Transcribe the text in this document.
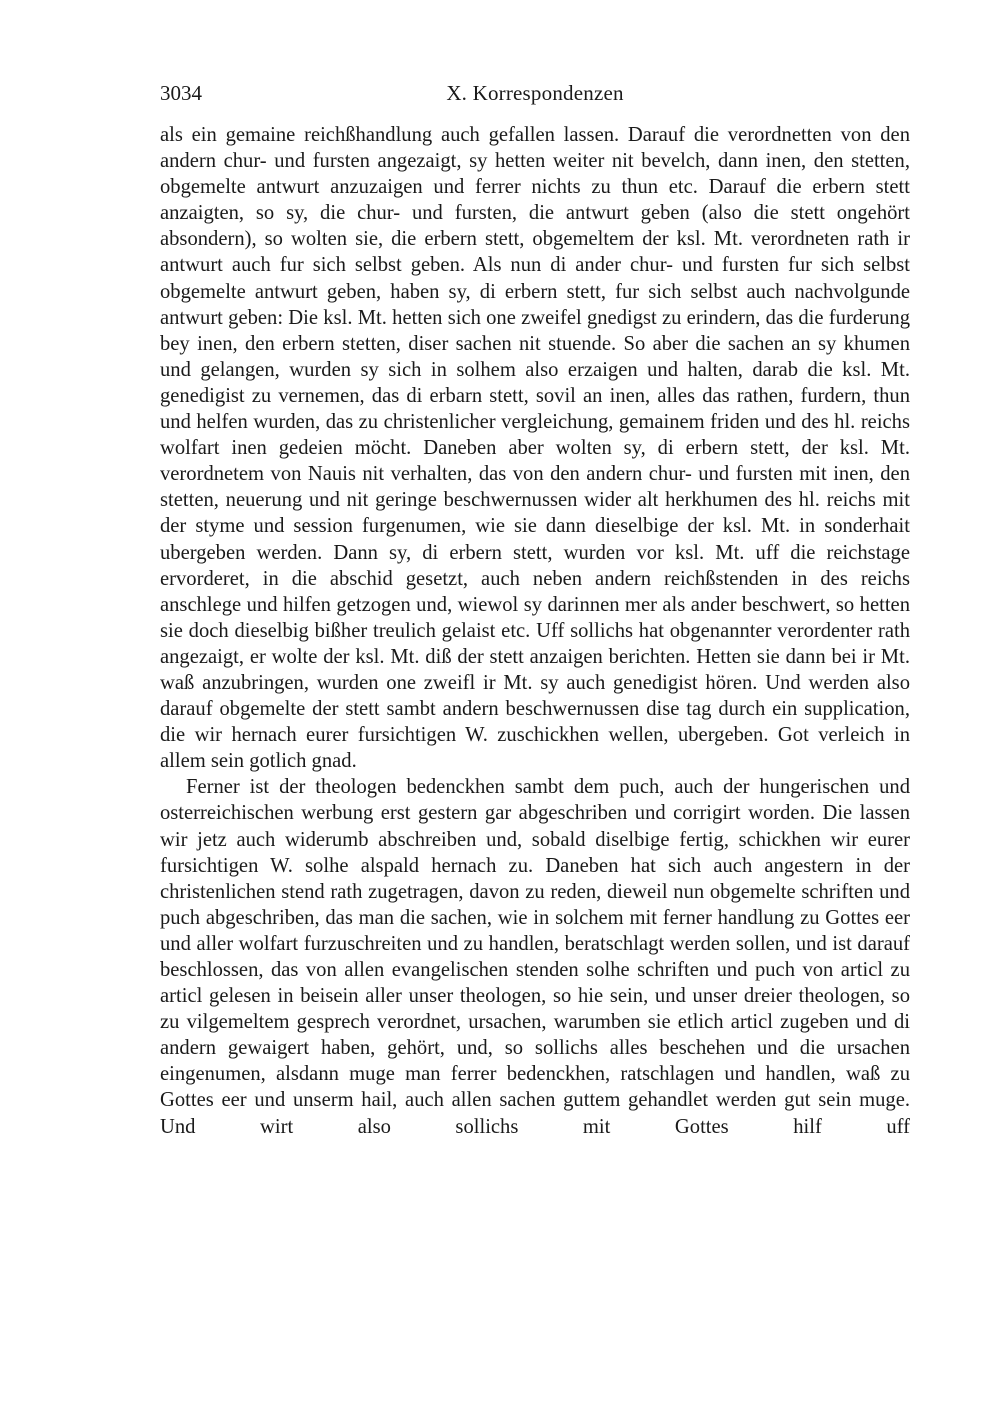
3034	X. Korrespondenzen

als ein gemaine reichßhandlung auch gefallen lassen. Darauf die verordnetten von den andern chur- und fursten angezaigt, sy hetten weiter nit bevelch, dann inen, den stetten, obgemelte antwurt anzuzaigen und ferrer nichts zu thun etc. Darauf die erbern stett anzaigten, so sy, die chur- und fursten, die antwurt geben (also die stett ongehört absondern), so wolten sie, die erbern stett, obgemeltem der ksl. Mt. verordneten rath ir antwurt auch fur sich selbst geben. Als nun di ander chur- und fursten fur sich selbst obgemelte antwurt geben, haben sy, di erbern stett, fur sich selbst auch nachvolgunde antwurt geben: Die ksl. Mt. hetten sich one zweifel gnedigst zu erindern, das die furderung bey inen, den erbern stetten, diser sachen nit stuende. So aber die sachen an sy khumen und gelangen, wurden sy sich in solhem also erzaigen und halten, darab die ksl. Mt. genedigist zu vernemen, das di erbarn stett, sovil an inen, alles das rathen, furdern, thun und helfen wurden, das zu christenlicher vergleichung, gemainem friden und des hl. reichs wolfart inen gedeien möcht. Daneben aber wolten sy, di erbern stett, der ksl. Mt. verordnetem von Nauis nit verhalten, das von den andern chur- und fursten mit inen, den stetten, neuerung und nit geringe beschwernussen wider alt herkhumen des hl. reichs mit der styme und session furgenumen, wie sie dann dieselbige der ksl. Mt. in sonderhait ubergeben werden. Dann sy, di erbern stett, wurden vor ksl. Mt. uff die reichstage ervorderet, in die abschid gesetzt, auch neben andern reichßstenden in des reichs anschlege und hilfen getzogen und, wiewol sy darinnen mer als ander beschwert, so hetten sie doch dieselbig bißher treulich gelaist etc. Uff sollichs hat obgenannter verordenter rath angezaigt, er wolte der ksl. Mt. diß der stett anzaigen berichten. Hetten sie dann bei ir Mt. waß anzubringen, wurden one zweifl ir Mt. sy auch genedigist hören. Und werden also darauf obgemelte der stett sambt andern beschwernussen dise tag durch ein supplication, die wir hernach eurer fursichtigen W. zuschickhen wellen, ubergeben. Got verleich in allem sein gotlich gnad.

Ferner ist der theologen bedenckhen sambt dem puch, auch der hungerischen und osterreichischen werbung erst gestern gar abgeschriben und corrigirt worden. Die lassen wir jetz auch widerumb abschreiben und, sobald diselbige fertig, schickhen wir eurer fursichtigen W. solhe alspald hernach zu. Daneben hat sich auch angestern in der christenlichen stend rath zugetragen, davon zu reden, dieweil nun obgemelte schriften und puch abgeschriben, das man die sachen, wie in solchem mit ferner handlung zu Gottes eer und aller wolfart furzuschreiten und zu handlen, beratschlagt werden sollen, und ist darauf beschlossen, das von allen evangelischen stenden solhe schriften und puch von articl zu articl gelesen in beisein aller unser theologen, so hie sein, und unser dreier theologen, so zu vilgemeltem gesprech verordnet, ursachen, warumben sie etlich articl zugeben und di andern gewaigert haben, gehört, und, so sollichs alles beschehen und die ursachen eingenumen, alsdann muge man ferrer bedenckhen, ratschlagen und handlen, waß zu Gottes eer und unserm hail, auch allen sachen guttem gehandlet werden gut sein muge. Und wirt also sollichs mit Gottes hilf uff
